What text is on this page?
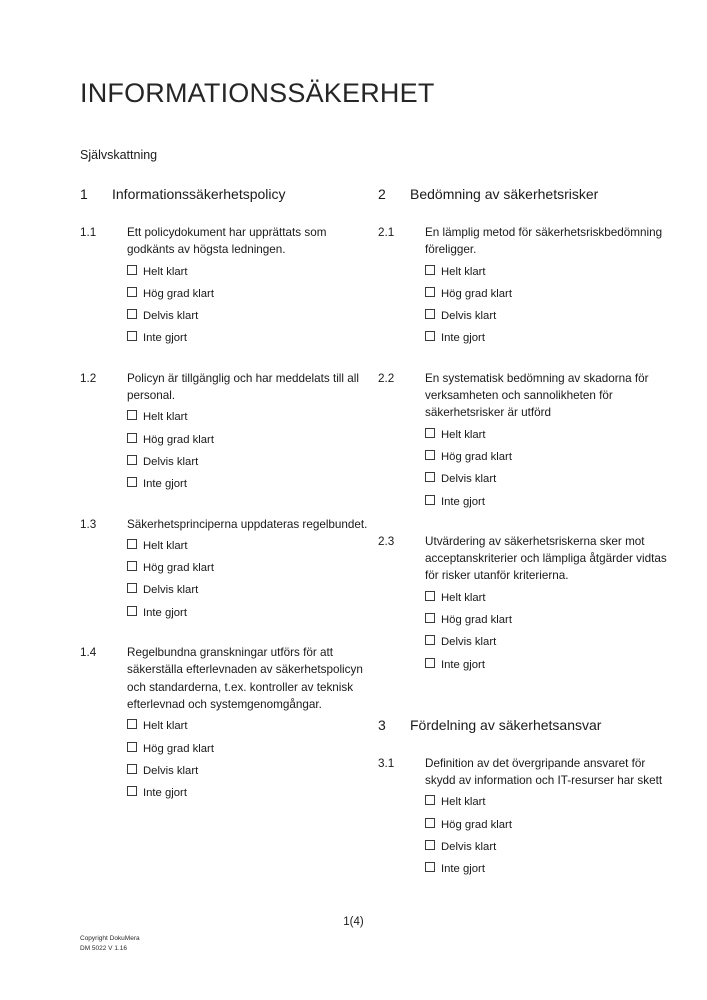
INFORMATIONSSÄKERHET
Självskattning
1	Informationssäkerhetspolicy
1.1	Ett policydokument har upprättats som godkänts av högsta ledningen.

Helt klart
Hög grad klart
Delvis klart
Inte gjort
1.2	Policyn är tillgänglig och har meddelats till all personal.

Helt klart
Hög grad klart
Delvis klart
Inte gjort
1.3	Säkerhetsprinciperna uppdateras regelbundet.

Helt klart
Hög grad klart
Delvis klart
Inte gjort
1.4	Regelbundna granskningar utförs för att säkerställa efterlevnaden av säkerhetspolicyn och standarderna, t.ex. kontroller av teknisk efterlevnad och systemgenomgångar.

Helt klart
Hög grad klart
Delvis klart
Inte gjort
2	Bedömning av säkerhetsrisker
2.1	En lämplig metod för säkerhetsriskbedömning föreligger.

Helt klart
Hög grad klart
Delvis klart
Inte gjort
2.2	En systematisk bedömning av skadorna för verksamheten och sannolikheten för säkerhetsrisker är utförd

Helt klart
Hög grad klart
Delvis klart
Inte gjort
2.3	Utvärdering av säkerhetsriskerna sker mot acceptanskriterier och lämpliga åtgärder vidtas för risker utanför kriterierna.

Helt klart
Hög grad klart
Delvis klart
Inte gjort
3	Fördelning av säkerhetsansvar
3.1	Definition av det övergripande ansvaret för skydd av information och IT-resurser har skett

Helt klart
Hög grad klart
Delvis klart
Inte gjort
1(4)
Copyright DokuMera
DM 5022 V 1.16
